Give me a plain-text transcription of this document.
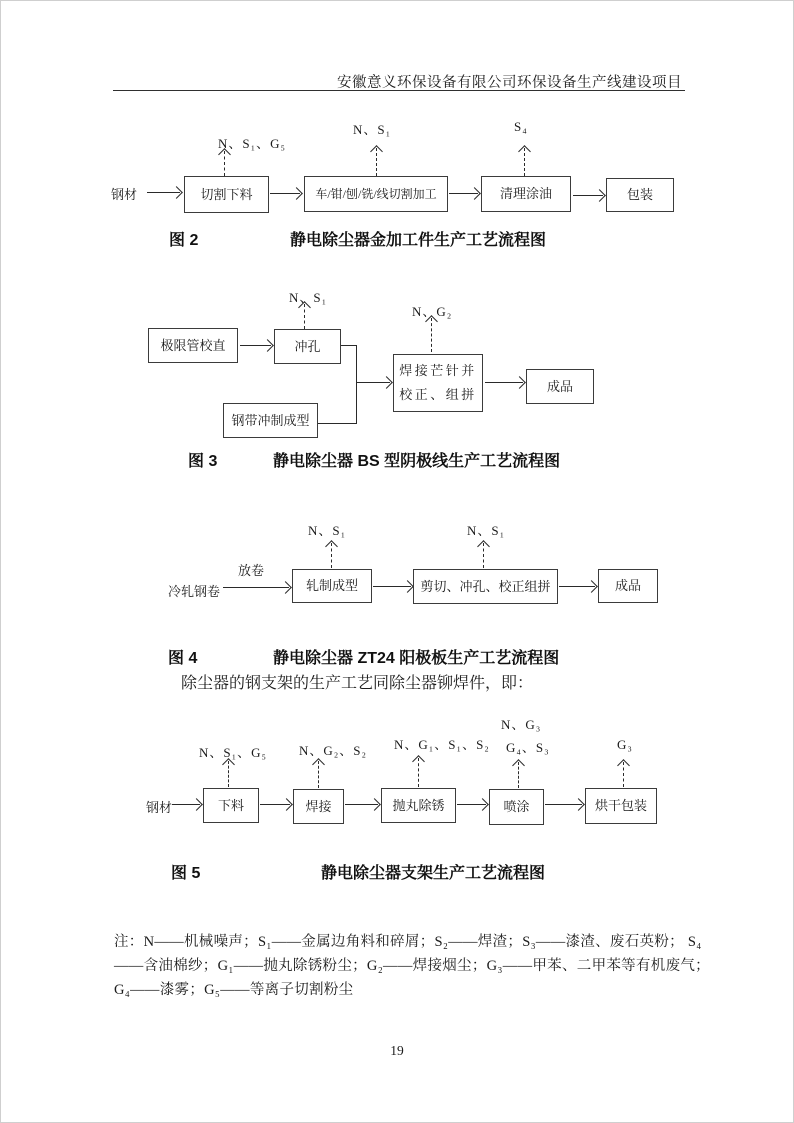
安徽意义环保设备有限公司环保设备生产线建设项目
N、S₁、G₅
N、S₁	S₄
钢材	切割下料	车/钳/刨/铣/线切割加工	清理涂油	包装
图 2	静电除尘器金加工件生产工艺流程图
N、S₁
极限管校直	冲孔
钢带冲制成型
N、G₂
焊接芒针并
校正、组拼
成品
图 3	静电除尘器 BS 型阴极线生产工艺流程图
N、S₁	N、S₁
冷轧钢卷
放卷
轧制成型	剪切、冲孔、校正组拼	成品
图 4	静电除尘器 ZT24 阳极板生产工艺流程图
除尘器的钢支架的生产工艺同除尘器铆焊件，即：
N、S₁、G₅ N、G₂、S₂ N、G₁、S₁、S₂
N、G₃
G₄、S₃	G₃
钢材	下料	焊接	抛丸除锈	喷涂	烘干包装
图 5	静电除尘器支架生产工艺流程图
注：N——机械噪声；S₁——金属边角料和碎屑；S₂——焊渣；S₃——漆渣、废石英粉； S₄
——含油棉纱；G₁——抛丸除锈粉尘；G₂——焊接烟尘；G₃——甲苯、二甲苯等有机废气；
G₄——漆雾；G₅——等离子切割粉尘
19
